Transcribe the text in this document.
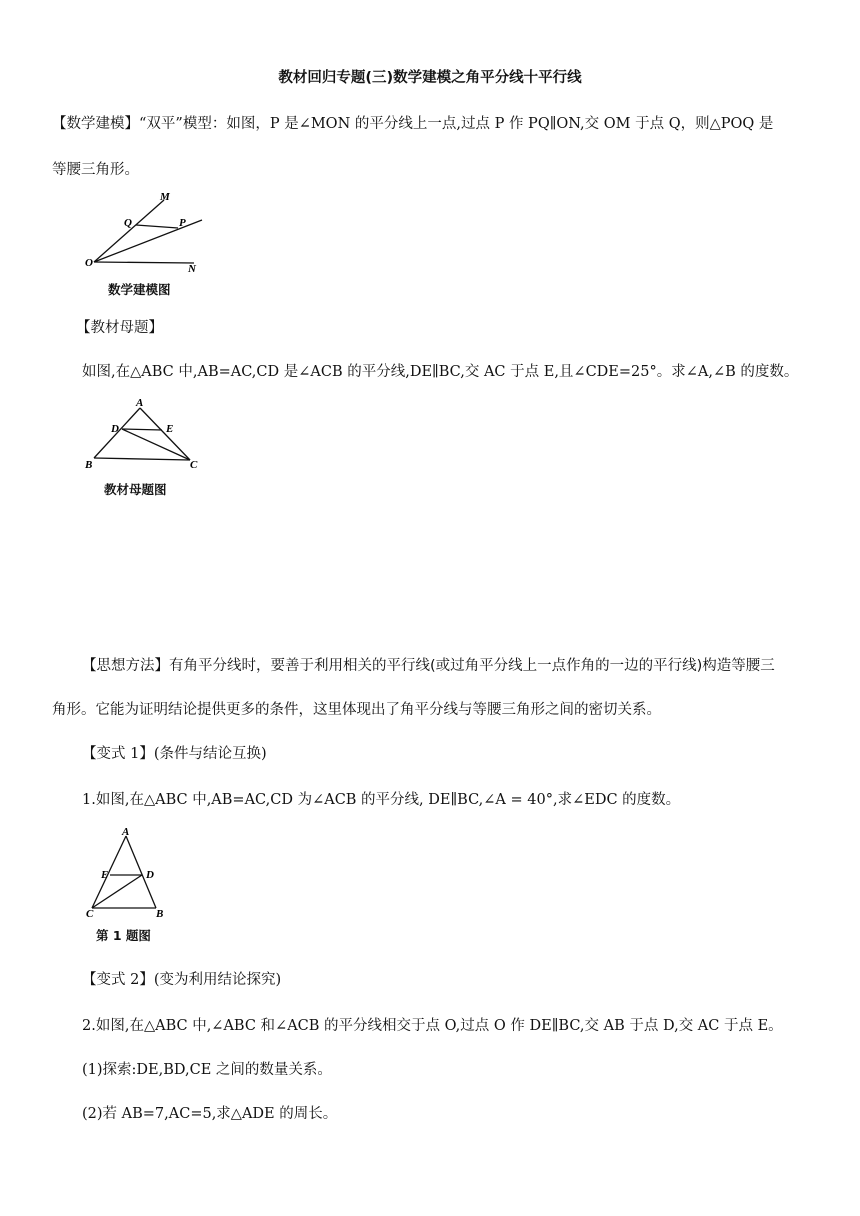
教材回归专题(三)数学建模之角平分线十平行线
【数学建模】“双平”模型：如图，P 是∠MON 的平分线上一点,过点 P 作 PQ∥ON,交 OM 于点 Q，则△POQ 是
等腰三角形。
M
Q	P
O	N
数学建模图
【教材母题】
如图,在△ABC 中,AB=AC,CD 是∠ACB 的平分线,DE∥BC,交 AC 于点 E,且∠CDE=25°。求∠A,∠B 的度数。
A
D	E
B	C
教材母题图
【思想方法】有角平分线时，要善于利用相关的平行线(或过角平分线上一点作角的一边的平行线)构造等腰三
角形。它能为证明结论提供更多的条件，这里体现出了角平分线与等腰三角形之间的密切关系。
【变式 1】(条件与结论互换)
1.如图,在△ABC 中,AB=AC,CD 为∠ACB 的平分线, DE∥BC,∠A = 40°,求∠EDC 的度数。
A
E	D
C	B
第 1 题图
【变式 2】(变为利用结论探究)
2.如图,在△ABC 中,∠ABC 和∠ACB 的平分线相交于点 O,过点 O 作 DE∥BC,交 AB 于点 D,交 AC 于点 E。
(1)探索:DE,BD,CE 之间的数量关系。
(2)若 AB=7,AC=5,求△ADE 的周长。
